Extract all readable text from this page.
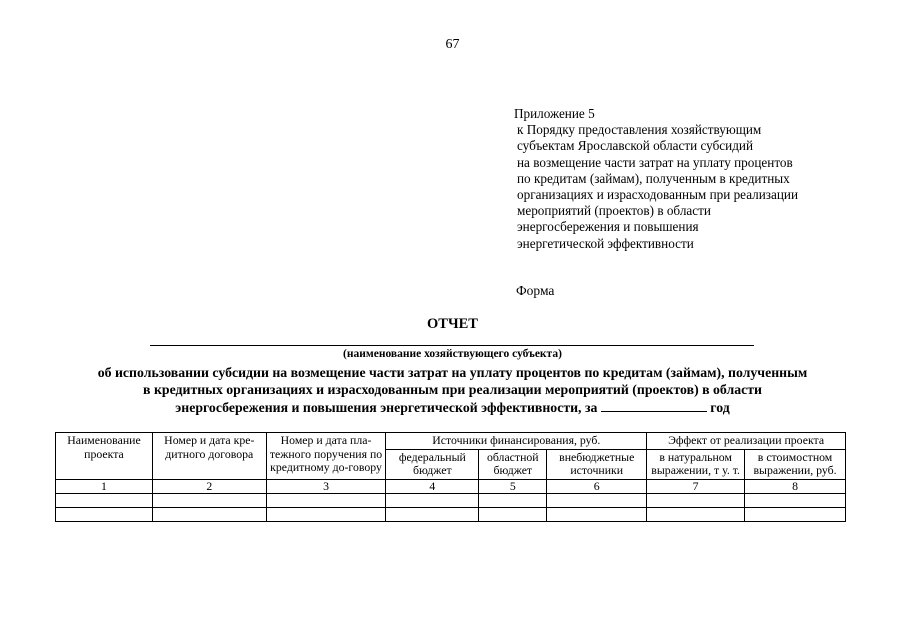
67
Приложение 5
к Порядку предоставления хозяйствующим
субъектам Ярославской области субсидий
на возмещение части затрат на уплату процентов
по кредитам (займам), полученным в кредитных
организациях и израсходованным при реализации
мероприятий (проектов) в области
энергосбережения и повышения
энергетической эффективности
Форма
ОТЧЕТ
(наименование хозяйствующего субъекта)
об использовании субсидии на возмещение части затрат на уплату процентов по кредитам (займам), полученным
в кредитных организациях и израсходованным при реализации мероприятий (проектов) в области
энергосбережения и повышения энергетической эффективности, за	год
Наименование проекта	Номер и дата кре-дитного договора	Номер и дата пла-тежного поручения по кредитному до-говору	Источники финансирования, руб.			Эффект от реализации проекта	
			федеральный бюджет	областной бюджет	внебюджетные источники	в натуральном выражении, т у. т.	в стоимостном выражении, руб.
1	2	3	4	5	6	7	8
